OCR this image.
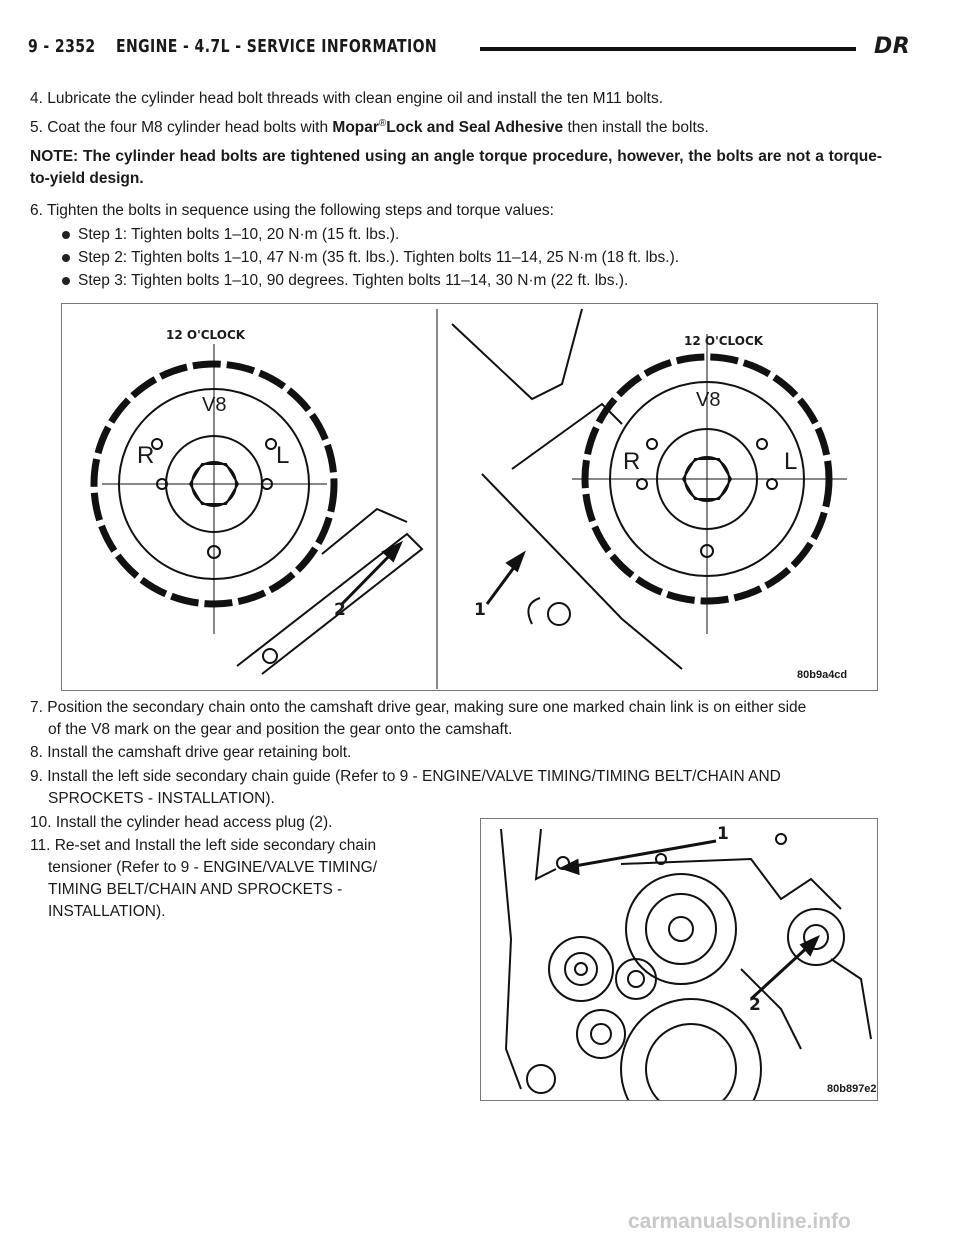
9 - 2352 ENGINE - 4.7L - SERVICE INFORMATION	DR

4. Lubricate the cylinder head bolt threads with clean engine oil and install the ten M11 bolts.

5. Coat the four M8 cylinder head bolts with Mopar®Lock and Seal Adhesive then install the bolts.

NOTE: The cylinder head bolts are tightened using an angle torque procedure, however, the bolts are not a torque-to-yield design.

6. Tighten the bolts in sequence using the following steps and torque values:

Step 1: Tighten bolts 1–10, 20 N·m (15 ft. lbs.).
Step 2: Tighten bolts 1–10, 47 N·m (35 ft. lbs.). Tighten bolts 11–14, 25 N·m (18 ft. lbs.).
Step 3: Tighten bolts 1–10, 90 degrees. Tighten bolts 11–14, 30 N·m (22 ft. lbs.).
12 O'CLOCK	12 O'CLOCK
V8	V8
R	L	R	L
2	1
80b9a4cd

7. Position the secondary chain onto the camshaft drive gear, making sure one marked chain link is on either side
of the V8 mark on the gear and position the gear onto the camshaft.

8. Install the camshaft drive gear retaining bolt.

9. Install the left side secondary chain guide (Refer to 9 - ENGINE/VALVE TIMING/TIMING BELT/CHAIN AND
SPROCKETS - INSTALLATION).

10. Install the cylinder head access plug (2).

11. Re-set and Install the left side secondary chain
tensioner (Refer to 9 - ENGINE/VALVE TIMING/
TIMING BELT/CHAIN AND SPROCKETS -
INSTALLATION).

1
2
80b897e2
carmanualsonline.info
